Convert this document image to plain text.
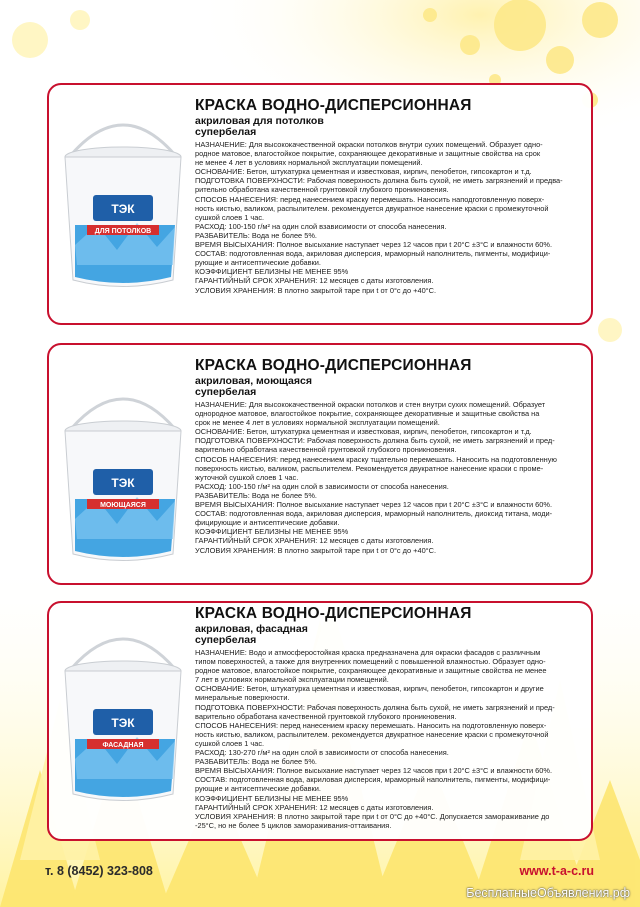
ТЭК
ДЛЯ ПОТОЛКОВ
КРАСКА ВОДНО-ДИСПЕРСИОННАЯ
акриловая для потолков
супербелая

НАЗНАЧЕНИЕ: Для высококачественной окраски потолков внутри сухих помещений. Образует одно-

родное матовое, влагостойкое покрытие, сохраняющее декоративные и защитные свойства на срок

не менее 4 лет в условиях нормальной эксплуатации помещений.

ОСНОВАНИЕ: Бетон, штукатурка цементная и известковая, кирпич, пенобетон, гипсокартон и т.д.

ПОДГОТОВКА ПОВЕРХНОСТИ: Рабочая поверхность должна быть сухой, не иметь загрязнений и предва-

рительно обработана качественной грунтовкой глубокого проникновения.

СПОСОБ НАНЕСЕНИЯ: перед нанесением краску перемешать. Наносить наподготовленную поверх-

ность кистью, валиком, распылителем. рекомендуется двукратное нанесение краски с промежуточной

сушкой слоев 1 час.

РАСХОД: 100-150 г/м² на один слой взависимости от способа нанесения.

РАЗБАВИТЕЛЬ: Вода не более 5%.

ВРЕМЯ ВЫСЫХАНИЯ: Полное высыхание наступает через 12 часов при t 20°С ±3°С и влажности 60%.

СОСТАВ: подготовленная вода, акриловая дисперсия, мраморный наполнитель, пигменты, модифици-

рующие и антисептические добавки.

КОЭФФИЦИЕНТ БЕЛИЗНЫ НЕ МЕНЕЕ 95%

ГАРАНТИЙНЫЙ СРОК ХРАНЕНИЯ: 12 месяцев с даты изготовления.

УСЛОВИЯ ХРАНЕНИЯ: В плотно закрытой таре при t от 0°с до +40°С.

ТЭК
МОЮЩАЯСЯ
КРАСКА ВОДНО-ДИСПЕРСИОННАЯ
акриловая, моющаяся
супербелая

НАЗНАЧЕНИЕ: Для высококачественной окраски потолков и стен внутри сухих помещений. Образует

однородное матовое, влагостойкое покрытие, сохраняющее декоративные и защитные свойства на

срок не менее 4 лет в условиях нормальной эксплуатации помещений.

ОСНОВАНИЕ: Бетон, штукатурка цементная и известковая, кирпич, пенобетон, гипсокартон и т.д.

ПОДГОТОВКА ПОВЕРХНОСТИ: Рабочая поверхность должна быть сухой, не иметь загрязнений и пред-

варительно обработана качественной грунтовкой глубокого проникновения.

СПОСОБ НАНЕСЕНИЯ: перед нанесением краску тщательно перемешать. Наносить на подготовленную

поверхность кистью, валиком, распылителем. Рекомендуется двукратное нанесение краски с проме-

жуточной сушкой слоев 1 час.

РАСХОД: 100-150 г/м² на один слой в зависимости от способа нанесения.

РАЗБАВИТЕЛЬ: Вода не более 5%.

ВРЕМЯ ВЫСЫХАНИЯ: Полное высыхание наступает через 12 часов при t 20°С ±3°С и влажности 60%.

СОСТАВ: подготовленная вода, акриловая дисперсия, мраморный наполнитель, диоксид титана, моди-

фицирующие и антисептические добавки.

КОЭФФИЦИЕНТ БЕЛИЗНЫ НЕ МЕНЕЕ 95%

ГАРАНТИЙНЫЙ СРОК ХРАНЕНИЯ: 12 месяцев с даты изготовления.

УСЛОВИЯ ХРАНЕНИЯ: В плотно закрытой таре при t от 0°с до +40°С.

ТЭК
ФАСАДНАЯ
КРАСКА ВОДНО-ДИСПЕРСИОННАЯ
акриловая, фасадная
супербелая

НАЗНАЧЕНИЕ: Водо и атмосферостойкая краска предназначена для окраски фасадов с различным

типом поверхностей, а также для внутренних помещений с повышенной влажностью. Образует одно-

родное матовое, влагостойкое покрытие, сохраняющее декоративные и защитные свойства не менее

7 лет в условиях нормальной эксплуатации помещений.

ОСНОВАНИЕ: Бетон, штукатурка цементная и известковая, кирпич, пенобетон, гипсокартон и другие

минеральные поверхности.

ПОДГОТОВКА ПОВЕРХНОСТИ: Рабочая поверхность должна быть сухой, не иметь загрязнений и пред-

варительно обработана качественной грунтовкой глубокого проникновения.

СПОСОБ НАНЕСЕНИЯ: перед нанесением краску перемешать. Наносить на подготовленную поверх-

ность кистью, валиком, распылителем. рекомендуется двукратное нанесение краски с промежуточной

сушкой слоев 1 час.

РАСХОД: 130-270 г/м² на один слой в зависимости от способа нанесения.

РАЗБАВИТЕЛЬ: Вода не более 5%.

ВРЕМЯ ВЫСЫХАНИЯ: Полное высыхание наступает через 12 часов при t 20°С ±3°С и влажности 60%.

СОСТАВ: подготовленная вода, акриловая дисперсия, мраморный наполнитель, пигменты, модифици-

рующие и антисептические добавки.

КОЭФФИЦИЕНТ БЕЛИЗНЫ НЕ МЕНЕЕ 95%

ГАРАНТИЙНЫЙ СРОК ХРАНЕНИЯ: 12 месяцев с даты изготовления.

УСЛОВИЯ ХРАНЕНИЯ: В плотно закрытой таре при t от 0°С до +40°С. Допускается замораживание до

-25°С, но не более 5 циклов замораживания-оттаивания.

т. 8 (8452) 323-808	www.t-a-c.ru
БесплатныеОбъявления.рф
